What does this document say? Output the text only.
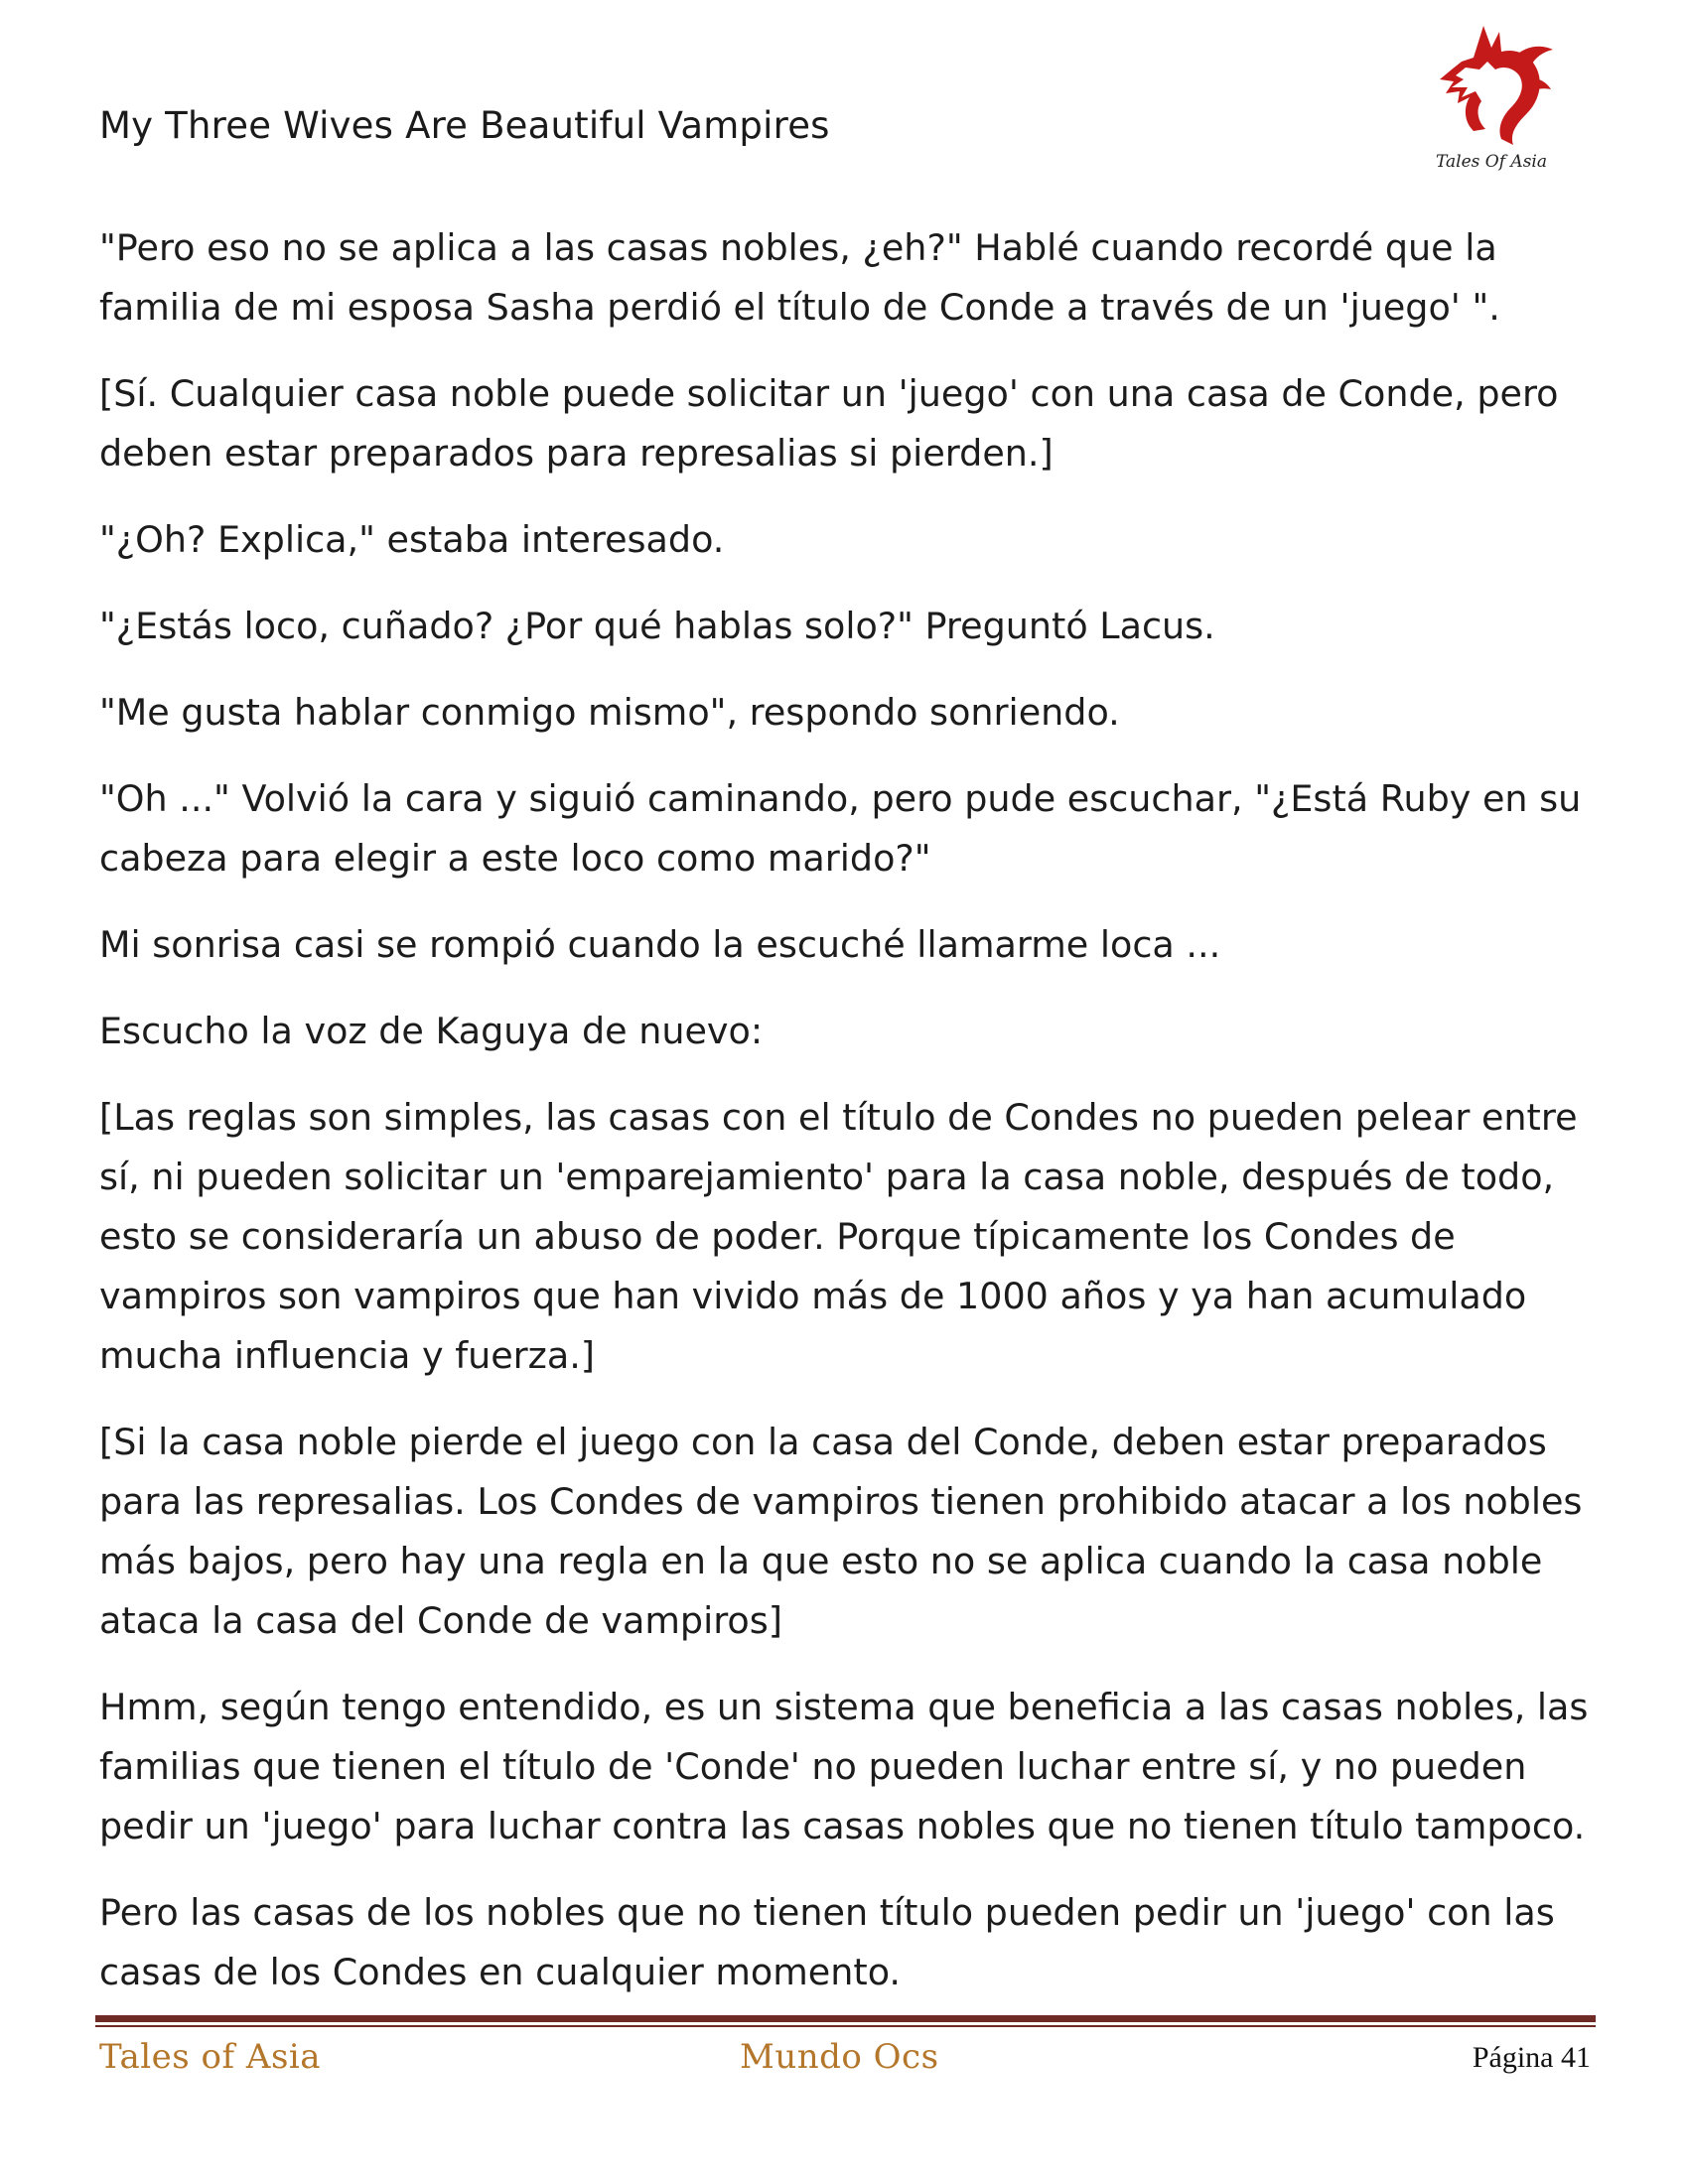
My Three Wives Are Beautiful Vampires
Tales Of Asia

"Pero eso no se aplica a las casas nobles, ¿eh?" Hablé cuando recordé que la familia de mi esposa Sasha perdió el título de Conde a través de un 'juego' ".

[Sí. Cualquier casa noble puede solicitar un 'juego' con una casa de Conde, pero deben estar preparados para represalias si pierden.]

"¿Oh? Explica," estaba interesado.

"¿Estás loco, cuñado? ¿Por qué hablas solo?" Preguntó Lacus.

"Me gusta hablar conmigo mismo", respondo sonriendo.

"Oh ..." Volvió la cara y siguió caminando, pero pude escuchar, "¿Está Ruby en su cabeza para elegir a este loco como marido?"

Mi sonrisa casi se rompió cuando la escuché llamarme loca ...

Escucho la voz de Kaguya de nuevo:

[Las reglas son simples, las casas con el título de Condes no pueden pelear entre sí, ni pueden solicitar un 'emparejamiento' para la casa noble, después de todo, esto se consideraría un abuso de poder. Porque típicamente los Condes de vampiros son vampiros que han vivido más de 1000 años y ya han acumulado mucha influencia y fuerza.]

[Si la casa noble pierde el juego con la casa del Conde, deben estar preparados para las represalias. Los Condes de vampiros tienen prohibido atacar a los nobles más bajos, pero hay una regla en la que esto no se aplica cuando la casa noble ataca la casa del Conde de vampiros]

Hmm, según tengo entendido, es un sistema que beneficia a las casas nobles, las familias que tienen el título de 'Conde' no pueden luchar entre sí, y no pueden pedir un 'juego' para luchar contra las casas nobles que no tienen título tampoco.

Pero las casas de los nobles que no tienen título pueden pedir un 'juego' con las casas de los Condes en cualquier momento.

Tales of Asia	Mundo Ocs	Página 41
